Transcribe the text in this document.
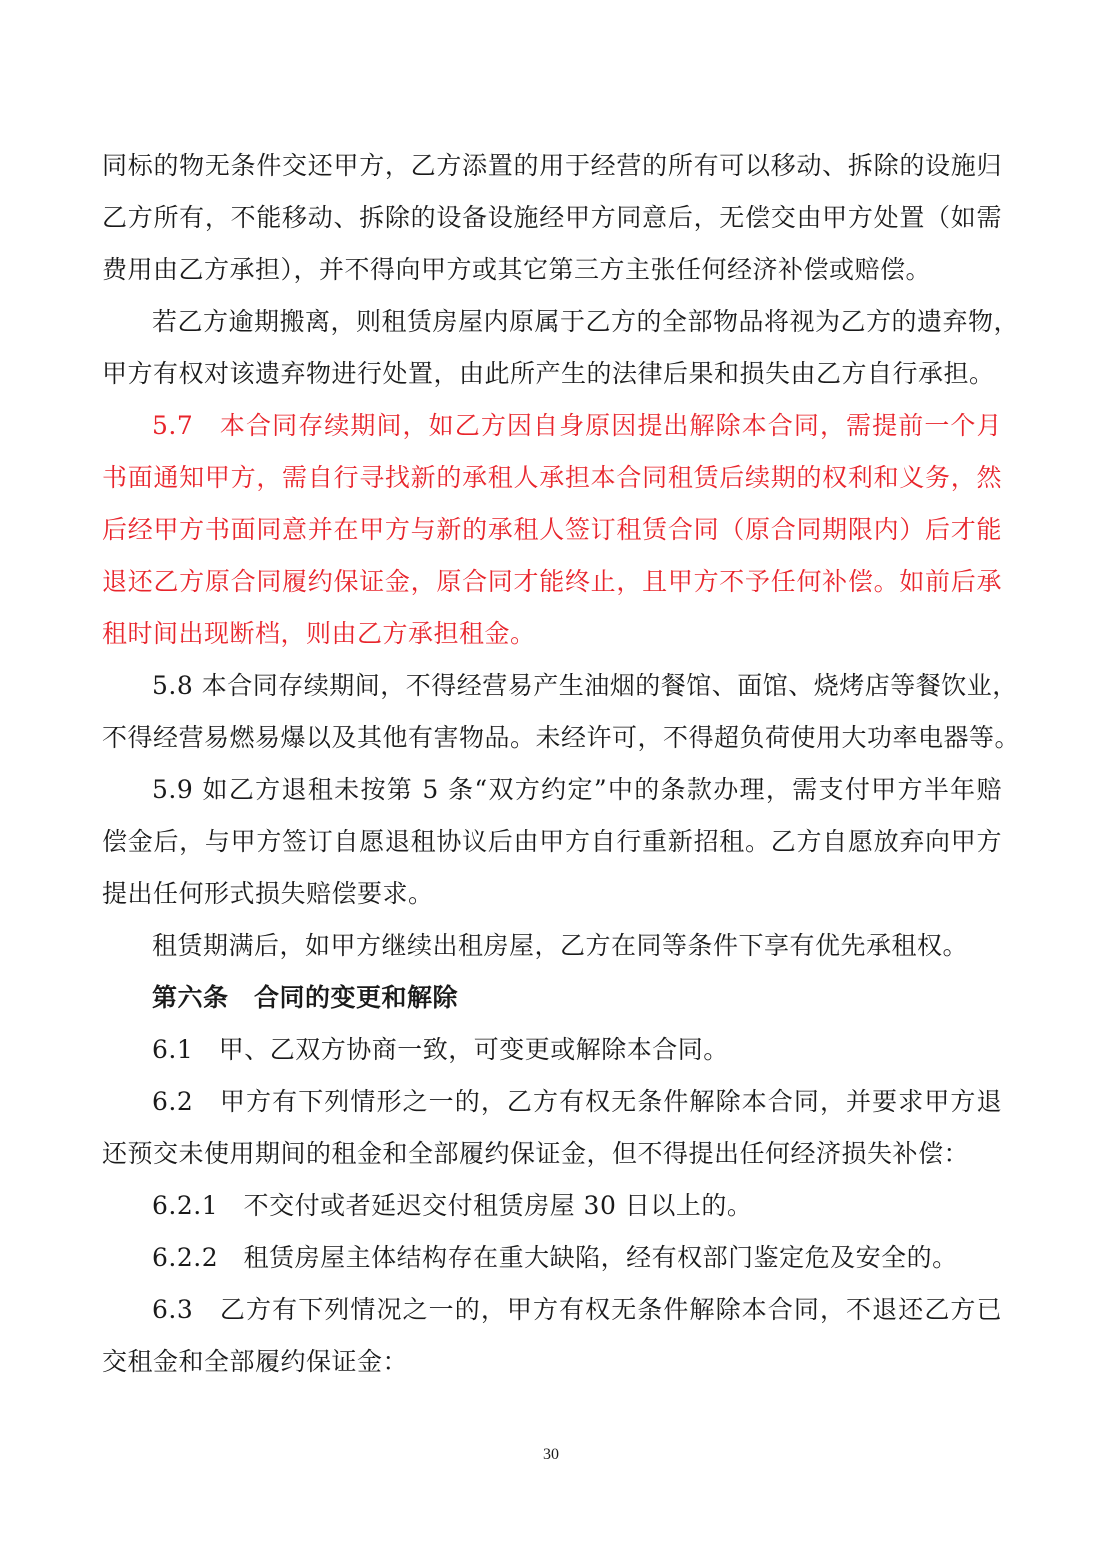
同标的物无条件交还甲方，乙方添置的用于经营的所有可以移动、拆除的设施归
乙方所有，不能移动、拆除的设备设施经甲方同意后，无偿交由甲方处置（如需
费用由乙方承担），并不得向甲方或其它第三方主张任何经济补偿或赔偿。
若乙方逾期搬离，则租赁房屋内原属于乙方的全部物品将视为乙方的遗弃物，
甲方有权对该遗弃物进行处置，由此所产生的法律后果和损失由乙方自行承担。
5.7　本合同存续期间，如乙方因自身原因提出解除本合同，需提前一个月
书面通知甲方，需自行寻找新的承租人承担本合同租赁后续期的权利和义务，然
后经甲方书面同意并在甲方与新的承租人签订租赁合同（原合同期限内）后才能
退还乙方原合同履约保证金，原合同才能终止，且甲方不予任何补偿。如前后承
租时间出现断档，则由乙方承担租金。
5.8 本合同存续期间，不得经营易产生油烟的餐馆、面馆、烧烤店等餐饮业，
不得经营易燃易爆以及其他有害物品。未经许可，不得超负荷使用大功率电器等。
5.9 如乙方退租未按第 5 条“双方约定”中的条款办理，需支付甲方半年赔
偿金后，与甲方签订自愿退租协议后由甲方自行重新招租。乙方自愿放弃向甲方
提出任何形式损失赔偿要求。
租赁期满后，如甲方继续出租房屋，乙方在同等条件下享有优先承租权。
第六条　合同的变更和解除
6.1　甲、乙双方协商一致，可变更或解除本合同。
6.2　甲方有下列情形之一的，乙方有权无条件解除本合同，并要求甲方退
还预交未使用期间的租金和全部履约保证金，但不得提出任何经济损失补偿：
6.2.1　不交付或者延迟交付租赁房屋 30 日以上的。
6.2.2　租赁房屋主体结构存在重大缺陷，经有权部门鉴定危及安全的。
6.3　乙方有下列情况之一的，甲方有权无条件解除本合同，不退还乙方已
交租金和全部履约保证金：
30
